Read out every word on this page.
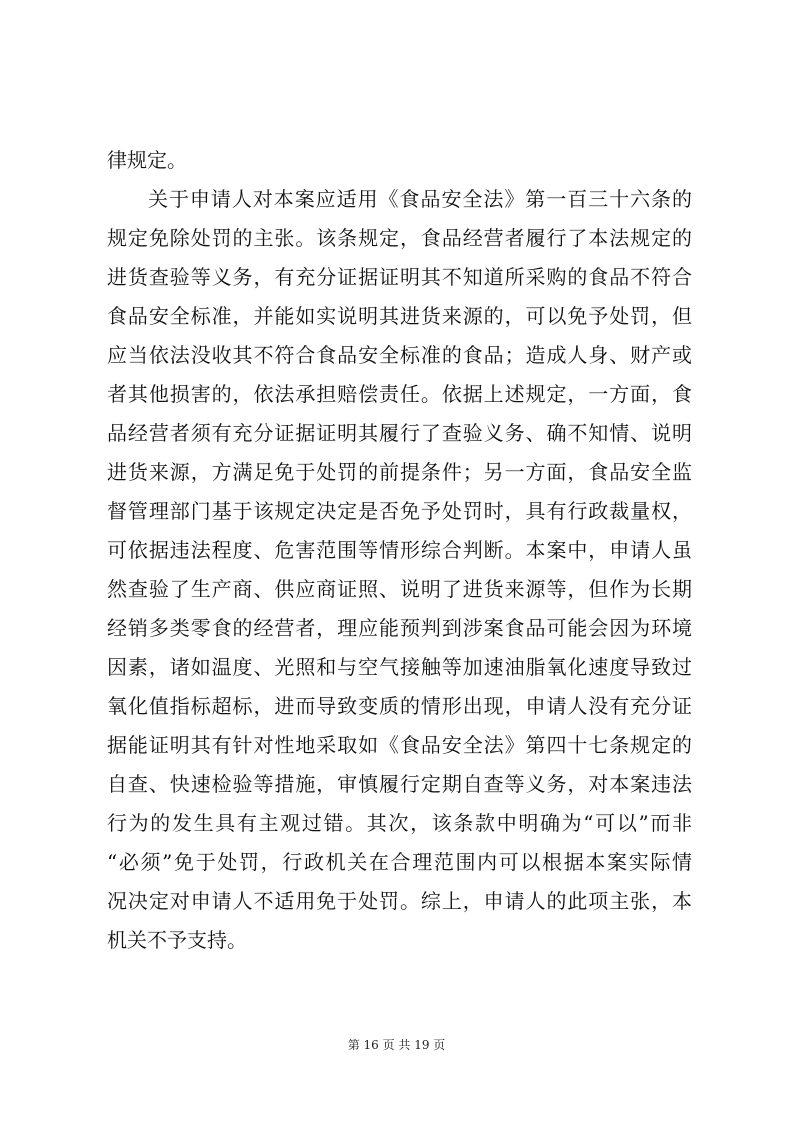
律规定。
关于申请人对本案应适用《食品安全法》第一百三十六条的
规定免除处罚的主张。该条规定，食品经营者履行了本法规定的
进货查验等义务，有充分证据证明其不知道所采购的食品不符合
食品安全标准，并能如实说明其进货来源的，可以免予处罚，但
应当依法没收其不符合食品安全标准的食品；造成人身、财产或
者其他损害的，依法承担赔偿责任。依据上述规定，一方面，食
品经营者须有充分证据证明其履行了查验义务、确不知情、说明
进货来源，方满足免于处罚的前提条件；另一方面，食品安全监
督管理部门基于该规定决定是否免予处罚时，具有行政裁量权，
可依据违法程度、危害范围等情形综合判断。本案中，申请人虽
然查验了生产商、供应商证照、说明了进货来源等，但作为长期
经销多类零食的经营者，理应能预判到涉案食品可能会因为环境
因素，诸如温度、光照和与空气接触等加速油脂氧化速度导致过
氧化值指标超标，进而导致变质的情形出现，申请人没有充分证
据能证明其有针对性地采取如《食品安全法》第四十七条规定的
自查、快速检验等措施，审慎履行定期自查等义务，对本案违法
行为的发生具有主观过错。其次，该条款中明确为“可以”而非
“必须”免于处罚，行政机关在合理范围内可以根据本案实际情
况决定对申请人不适用免于处罚。综上，申请人的此项主张，本
机关不予支持。
第 16 页 共 19 页
